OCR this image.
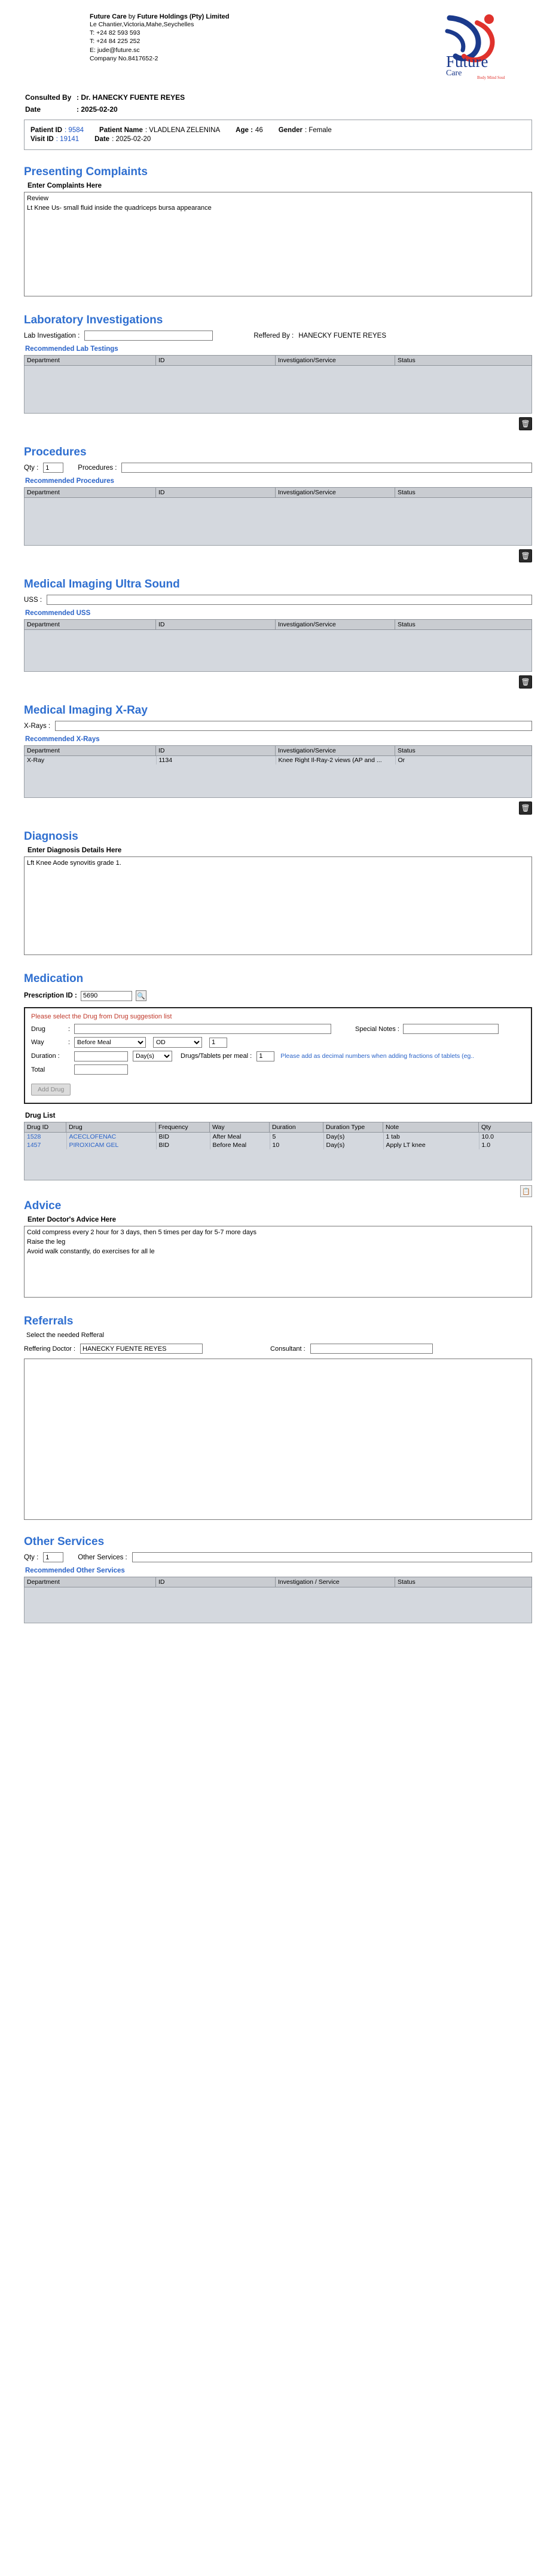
Future Care by Future Holdings (Pty) Limited
Le Chantier,Victoria,Mahe,Seychelles
T: +24 82 593 593
T: +24 84 225 252
E: jude@future.sc
Company No.8417652-2	Future
Care	Body Mind Soul
Consulted By : Dr. HANECKY FUENTE REYES
Date	: 2025-02-20
Patient ID : 9584 Patient Name : VLADLENA ZELENINA Age : 46 Gender : Female
Visit ID : 19141 Date : 2025-02-20
Presenting Complaints
Enter Complaints Here
Review Lt Knee Us- small fluid inside the quadriceps bursa appearance
Laboratory Investigations
Lab Investigation :	Reffered By : HANECKY FUENTE REYES
Recommended Lab Testings
Department	ID	Investigation/Service	Status
🗑
Procedures
Qty :
1	Procedures :
Recommended Procedures
Department	ID	Investigation/Service	Status
🗑
Medical Imaging Ultra Sound
USS :
Recommended USS
Department	ID	Investigation/Service	Status
🗑
Medical Imaging X-Ray
X-Rays :
Recommended X-Rays
Department	ID	Investigation/Service	Status
X-Ray	1134	Knee Right Il-Ray-2 views (AP and ...	Or
🗑
Diagnosis
Enter Diagnosis Details Here
Lft Knee Aode synovitis grade 1.
Medication
Prescription ID :
5690	🔍
Please select the Drug from Drug suggestion list
Drug	:	Special Notes :
Way	:
Before Meal
OD
1
Duration :
Day(s)	Drugs/Tablets per meal :
1	Please add as decimal numbers when adding fractions of tablets (eg..
Total
Add Drug
Drug List
Drug ID	Drug	Frequency	Way	Duration	Duration Type	Note	Qty
1528	ACECLOFENAC	BID	After Meal	5	Day(s)	1 tab	10.0
1457	PIROXICAM GEL	BID	Before Meal	10	Day(s)	Apply LT knee	1.0
📋
Advice
Enter Doctor's Advice Here
Cold compress every 2 hour for 3 days, then 5 times per day for 5-7 more days Raise the leg Avoid walk constantly, do exercises for all le
Referrals
Select the needed Refferal
Reffering Doctor :
HANECKY FUENTE REYES	Consultant :
Other Services
Qty :
1	Other Services :
Recommended Other Services
Department	ID	Investigation / Service	Status
